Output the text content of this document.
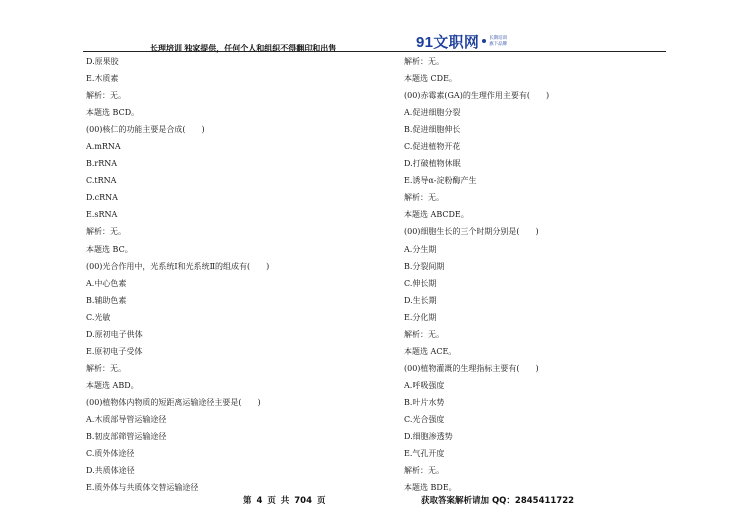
长理培训 独家提供，任何个人和组织不得翻印和出售	91文职网 长期培训
旗下品牌
D.原果胶
E.木质素
解析：无。
本题选 BCD。
(00)核仁的功能主要是合成(　　)
A.mRNA
B.rRNA
C.tRNA
D.cRNA
E.sRNA
解析：无。
本题选 BC。
(00)光合作用中，光系统Ⅰ和光系统Ⅱ的组成有(　　)
A.中心色素
B.辅助色素
C.光敏
D.原初电子供体
E.原初电子受体
解析：无。
本题选 ABD。
(00)植物体内物质的短距离运输途径主要是(　　)
A.木质部导管运输途径
B.韧皮部筛管运输途径
C.质外体途径
D.共质体途径
E.质外体与共质体交替运输途径
解析：无。
本题选 CDE。
(00)赤霉素(GA)的生理作用主要有(　　)
A.促进细胞分裂
B.促进细胞伸长
C.促进植物开花
D.打破植物休眠
E.诱导α-淀粉酶产生
解析：无。
本题选 ABCDE。
(00)细胞生长的三个时期分别是(　　)
A.分生期
B.分裂间期
C.伸长期
D.生长期
E.分化期
解析：无。
本题选 ACE。
(00)植物灌溉的生理指标主要有(　　)
A.呼吸强度
B.叶片水势
C.光合强度
D.细胞渗透势
E.气孔开度
解析：无。
本题选 BDE。
第 4 页 共 704 页	获取答案解析请加 QQ：2845411722
